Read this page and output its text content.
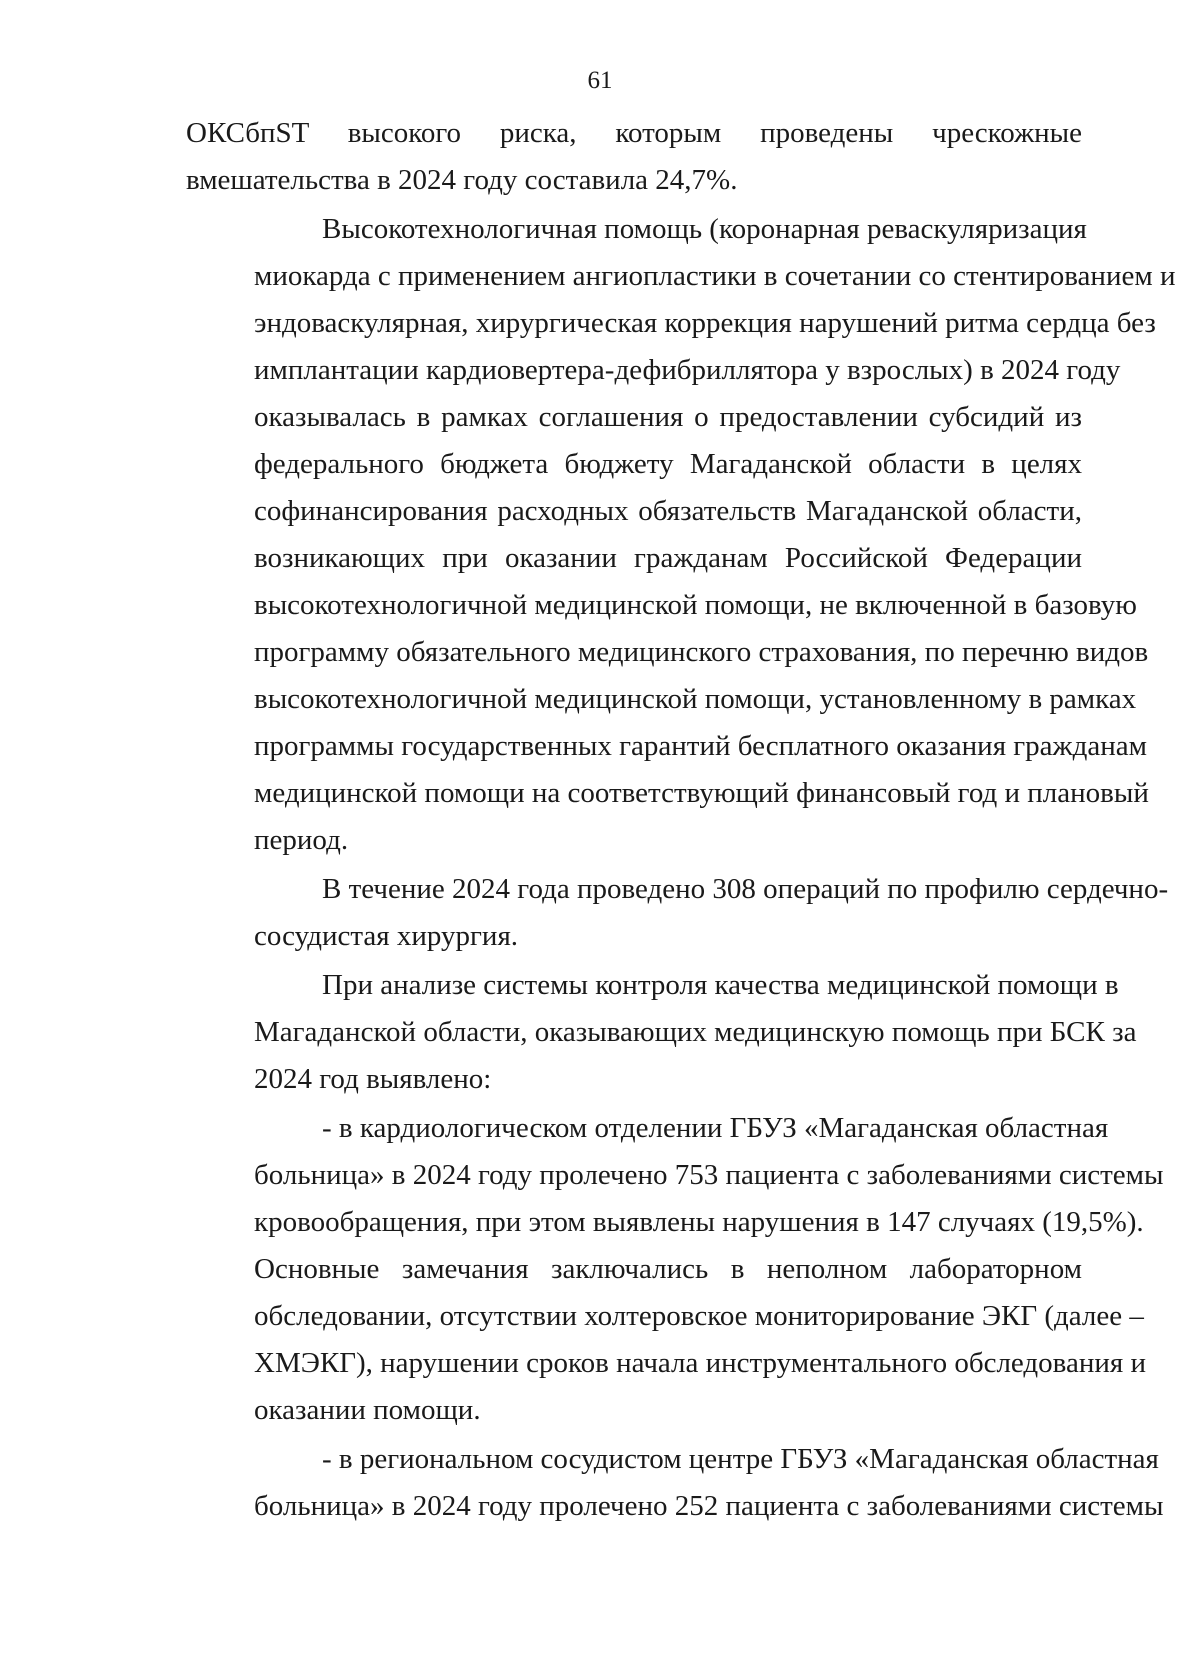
61
ОКСбпST высокого риска, которым проведены чрескожные
вмешательства в 2024 году составила 24,7%.
Высокотехнологичная помощь (коронарная реваскуляризация
миокарда с применением ангиопластики в сочетании со стентированием и
эндоваскулярная, хирургическая коррекция нарушений ритма сердца без
имплантации кардиовертера-дефибриллятора у взрослых) в 2024 году
оказывалась в рамках соглашения о предоставлении субсидий из
федерального бюджета бюджету Магаданской области в целях
софинансирования расходных обязательств Магаданской области,
возникающих при оказании гражданам Российской Федерации
высокотехнологичной медицинской помощи, не включенной в базовую
программу обязательного медицинского страхования, по перечню видов
высокотехнологичной медицинской помощи, установленному в рамках
программы государственных гарантий бесплатного оказания гражданам
медицинской помощи на соответствующий финансовый год и плановый
период.
В течение 2024 года проведено 308 операций по профилю сердечно-
сосудистая хирургия.
При анализе системы контроля качества медицинской помощи в
Магаданской области, оказывающих медицинскую помощь при БСК за
2024 год выявлено:
- в кардиологическом отделении ГБУЗ «Магаданская областная
больница» в 2024 году пролечено 753 пациента с заболеваниями системы
кровообращения, при этом выявлены нарушения в 147 случаях (19,5%).
Основные замечания заключались в неполном лабораторном
обследовании, отсутствии холтеровское мониторирование ЭКГ (далее –
ХМЭКГ), нарушении сроков начала инструментального обследования и
оказании помощи.
- в региональном сосудистом центре ГБУЗ «Магаданская областная
больница» в 2024 году пролечено 252 пациента с заболеваниями системы
